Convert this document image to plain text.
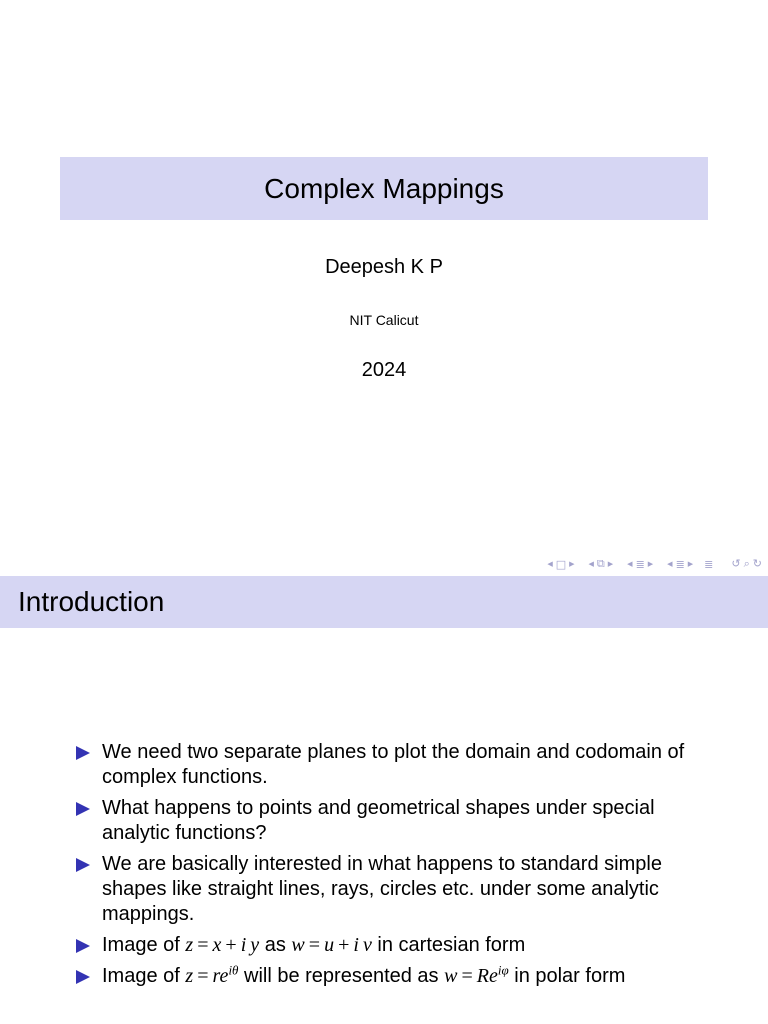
Complex Mappings
Deepesh K P
NIT Calicut
2024
◀ □ ▶ ◀ ⧉ ▶ ◀ ≣ ▶ ◀ ≣ ▶ ≣ ↺ ⌕ ↻
Introduction
We need two separate planes to plot the domain and codomain of complex functions.
What happens to points and geometrical shapes under special analytic functions?
We are basically interested in what happens to standard simple shapes like straight lines, rays, circles etc. under some analytic mappings.
Image of z  =  x  +  i  y as w  =  u  +  i  v in cartesian form
Image of $z = re^{i\theta}$ will be represented as $w = Re^{i\varphi}$ in polar form
